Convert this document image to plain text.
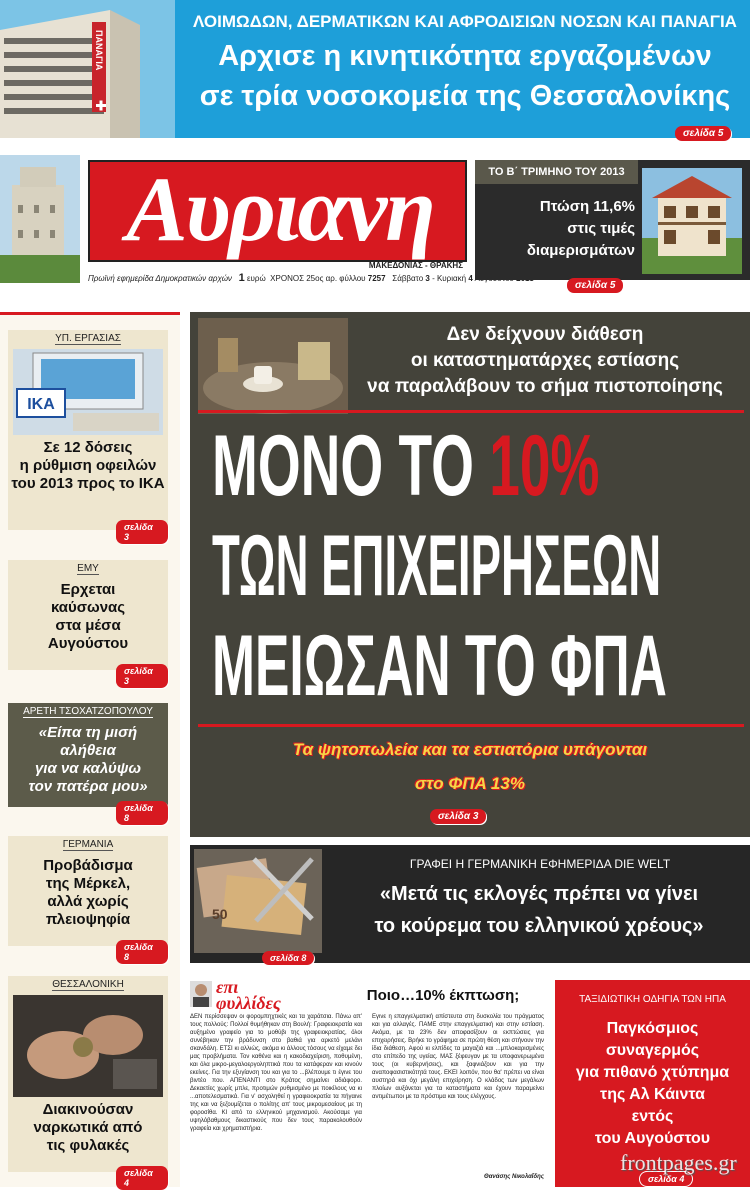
ΠΑΝΑΓΙΑ
ΛΟΙΜΩΔΩΝ, ΔΕΡΜΑΤΙΚΩΝ ΚΑΙ ΑΦΡΟΔΙΣΙΩΝ ΝΟΣΩΝ ΚΑΙ ΠΑΝΑΓΙΑ
Αρχισε η κινητικότητα εργαζομένων
σε τρία νοσοκομεία της Θεσσαλονίκης
σελίδα 5
Αυριανη
ΜΑΚΕΔΟΝΙΑΣ - ΘΡΑΚΗΣ
Πρωϊνή εφημερίδα Δημοκρατικών αρχών 1 ευρώ ΧΡΟΝΟΣ 25ος αρ. φύλλου 7257 Σάββατο 3 - Κυριακή 4
ΤΟ Β΄ ΤΡΙΜΗΝΟ ΤΟΥ 2013
Πτώση 11,6%
στις τιμές
διαμερισμάτων
σελίδα 5
Δεν δείχνουν διάθεση
οι καταστηματάρχες εστίασης
να παραλάβουν το σήμα πιστοποίησης
ΜΟΝΟ ΤΟ 10%
ΤΩΝ ΕΠΙΧΕΙΡΗΣΕΩΝ
ΜΕΙΩΣΑΝ ΤΟ ΦΠΑ
Τα ψητοπωλεία και τα εστιατόρια υπάγονται
στο ΦΠΑ 13%
σελίδα 3
ΥΠ. ΕΡΓΑΣΙΑΣ
ΙΚΑ
Σε 12 δόσεις
η ρύθμιση οφειλών
του 2013 προς το ΙΚΑ
σελίδα 3
ΕΜΥ
Ερχεται
καύσωνας
στα μέσα
Αυγούστου
σελίδα 3
ΑΡΕΤΗ ΤΣΟΧΑΤΖΟΠΟΥΛΟΥ
«Είπα τη μισή
αλήθεια
για να καλύψω
τον πατέρα μου»
σελίδα 8
ΓΕΡΜΑΝΙΑ
Προβάδισμα
της Μέρκελ,
αλλά χωρίς
πλειοψηφία
σελίδα 8
ΘΕΣΣΑΛΟΝΙΚΗ
Διακινούσαν
ναρκωτικά από
τις φυλακές
σελίδα 4
50
ΓΡΑΦΕΙ Η ΓΕΡΜΑΝΙΚΗ ΕΦΗΜΕΡΙΔΑ DIE WELT
«Μετά τις εκλογές πρέπει να γίνει
το κούρεμα του ελληνικού χρέους»
σελίδα 8
επι
φυλλίδες	Ποιο…10% έκπτωση;
ΔΕΝ περίσσεψαν οι φορομπηχτικές και τα χαράτσια. Πάνω απ' τους πολλούς: Πολλοί θυμήθηκαν στη Βουλή: Γραφειοκρατία και αυξημένο γραφείο για το μοθύβι της γραφειοκρατίας, όλοι συνέβηκαν την βράδυνση στο βαθιά για αρκετό μελάνι σκανδάλη. ΕΤΣΙ κι αλλιώς, ακόμα κι άλλους τόσους να είχαμε δει μας προβλήματα. Τον καθένα και η κακοδιαχείριση, ποθυμένη, και όλα μικρο-μεγαλοεργοληπτικά που τα κατάφεραν και κινούν εκείνες. Για την εξυγίανση του και για το ...βλέπουμε τι έγινε του βιντέο που. ΑΠΕΝΑΝΤΙ στο Κράτος σημαίνει αδιάφορο. Δεκαετίες χωρίς μπλε, προτιμών ρυθμισμένο με ποικίλους να κι ...αποτελεσματικά. Για ν' ασχοληθεί η γραφειοκρατία τα πήγαινε της και να ξεζουμίζεται ο πολίτης απ' τους μικρομεσαίους με τη φοροσίθα. ΚΙ από το ελληνικού μηχανισμού. Ακούσαμε για υψηλόβαθμους δικαστικούς που δεν τους παρακολουθούν γραφεία και χρηματιστήρια.
Εγινε η επαγγελματική απίστευτα στη δυσκολία του πράγματος και για αλλαγές. ΠΑΜΕ στην επαγγελματική και στην εστίαση. Ακόμα, με τα 23% δεν αποφασίζουν οι εκπτώσεις για επιχειρήσεις. Βρήκε το γράφημα σε πρώτη θέση και στήνουν την ίδια διάθεση. Αφού κι ελπίδες τα μαγαζιά και ...μπλοκαρισμένες στο επίπεδο της υγείας. ΜΑΣ ξέφευγαν με τα υποφανερωμένα τους (οι κυβερνήσεις), και ξαφνιάζουν και για την αναποφασιστικότητά τους. ΕΚΕΙ λοιπόν, που θα' πρέπει να είναι αυστηρά και όχι μεγάλη επιχείρηση. Ο κλάδος των μεγάλων πλοίων αυξάνεται για τα καταστήματα και έχουν παραμείνει αντιμέτωποι με τα πρόστιμα και τους ελέγχους.
Θανάσης Νικολαΐδης
ΤΑΞΙΔΙΩΤΙΚΗ ΟΔΗΓΙΑ ΤΩΝ ΗΠΑ
Παγκόσμιος
συναγερμός
για πιθανό χτύπημα
της Αλ Κάιντα
εντός
του Αυγούστου
σελίδα 4
frontpages.gr
